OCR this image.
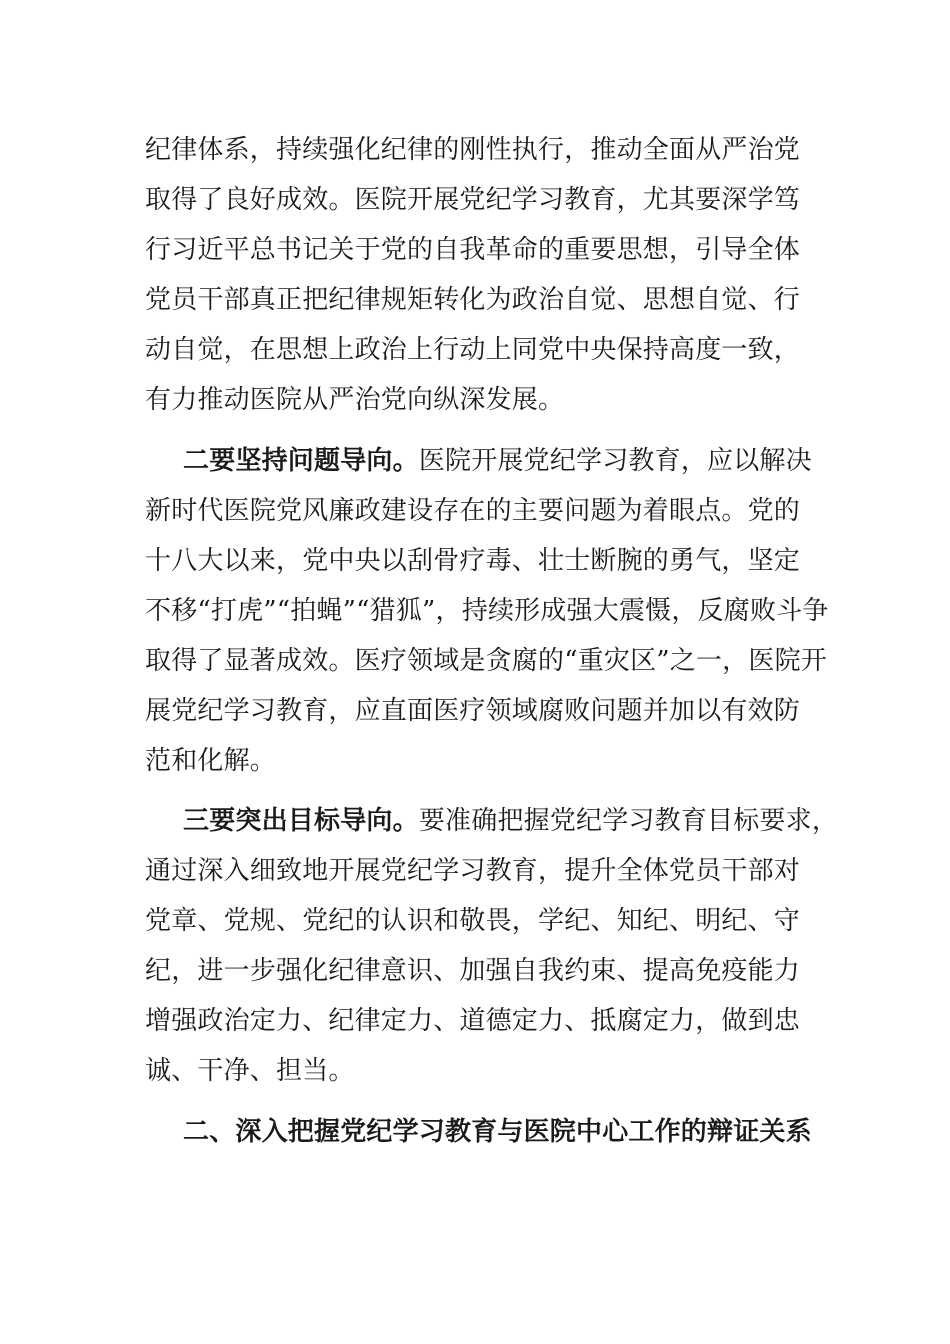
纪律体系，持续强化纪律的刚性执行，推动全面从严治党
取得了良好成效。医院开展党纪学习教育，尤其要深学笃
行习近平总书记关于党的自我革命的重要思想，引导全体
党员干部真正把纪律规矩转化为政治自觉、思想自觉、行
动自觉，在思想上政治上行动上同党中央保持高度一致，
有力推动医院从严治党向纵深发展。
二要坚持问题导向。医院开展党纪学习教育，应以解决
新时代医院党风廉政建设存在的主要问题为着眼点。党的
十八大以来，党中央以刮骨疗毒、壮士断腕的勇气，坚定
不移“打虎”“拍蝇”“猎狐”，持续形成强大震慑，反腐败斗争
取得了显著成效。医疗领域是贪腐的“重灾区”之一，医院开
展党纪学习教育，应直面医疗领域腐败问题并加以有效防
范和化解。
三要突出目标导向。要准确把握党纪学习教育目标要求，
通过深入细致地开展党纪学习教育，提升全体党员干部对
党章、党规、党纪的认识和敬畏，学纪、知纪、明纪、守
纪，进一步强化纪律意识、加强自我约束、提高免疫能力
增强政治定力、纪律定力、道德定力、抵腐定力，做到忠
诚、干净、担当。
二、深入把握党纪学习教育与医院中心工作的辩证关系
